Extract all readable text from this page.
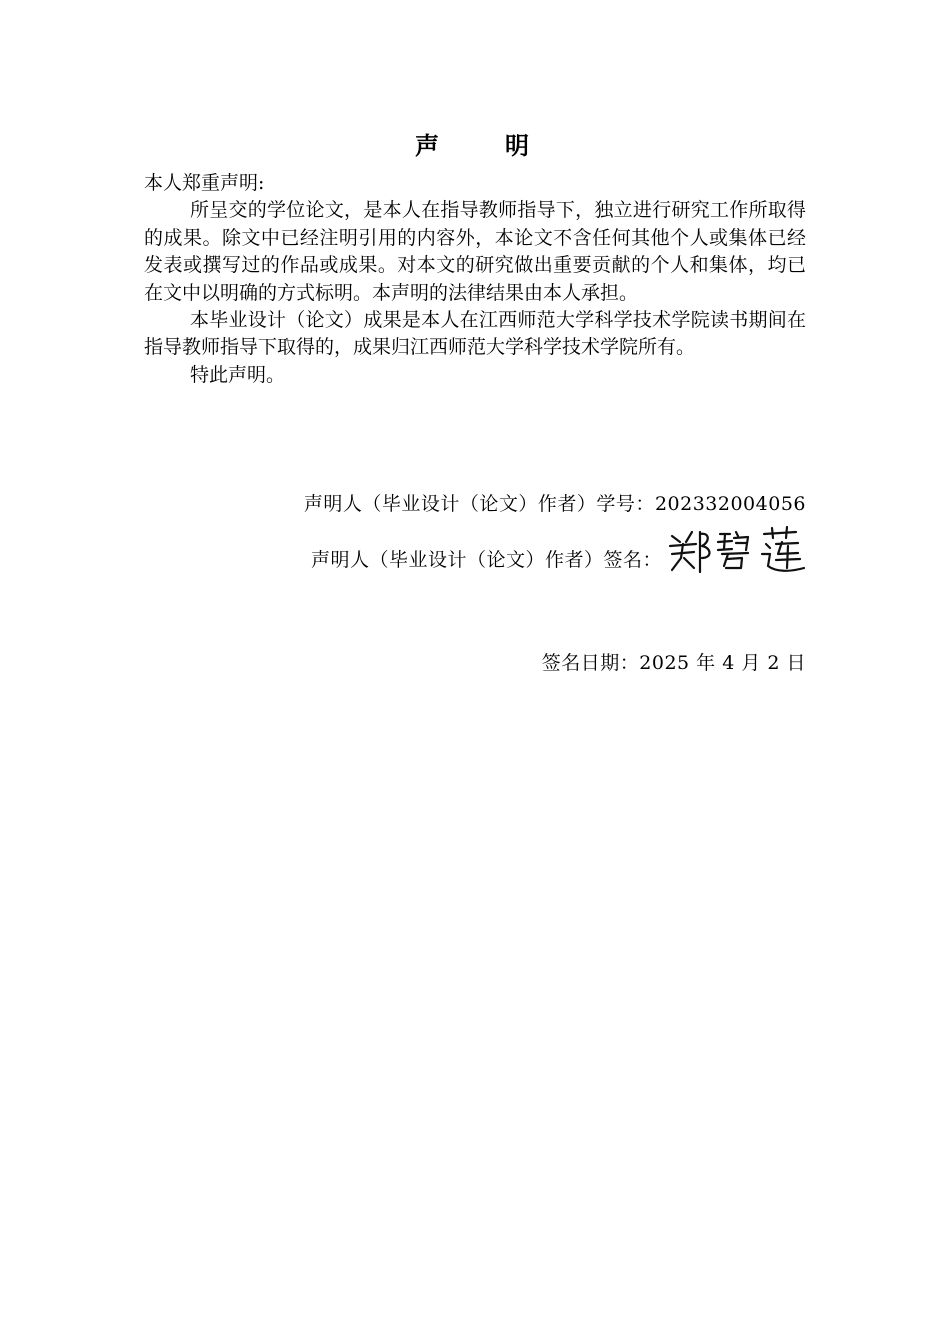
声	明

本人郑重声明:

所呈交的学位论文，是本人在指导教师指导下，独立进行研究工作所取得的成果。除文中已经注明引用的内容外，本论文不含任何其他个人或集体已经发表或撰写过的作品或成果。对本文的研究做出重要贡献的个人和集体，均已在文中以明确的方式标明。本声明的法律结果由本人承担。

本毕业设计（论文）成果是本人在江西师范大学科学技术学院读书期间在指导教师指导下取得的，成果归江西师范大学科学技术学院所有。

特此声明。

声明人（毕业设计（论文）作者）学号：202332004056
声明人（毕业设计（论文）作者）签名：
签名日期：2025 年 4 月 2 日
